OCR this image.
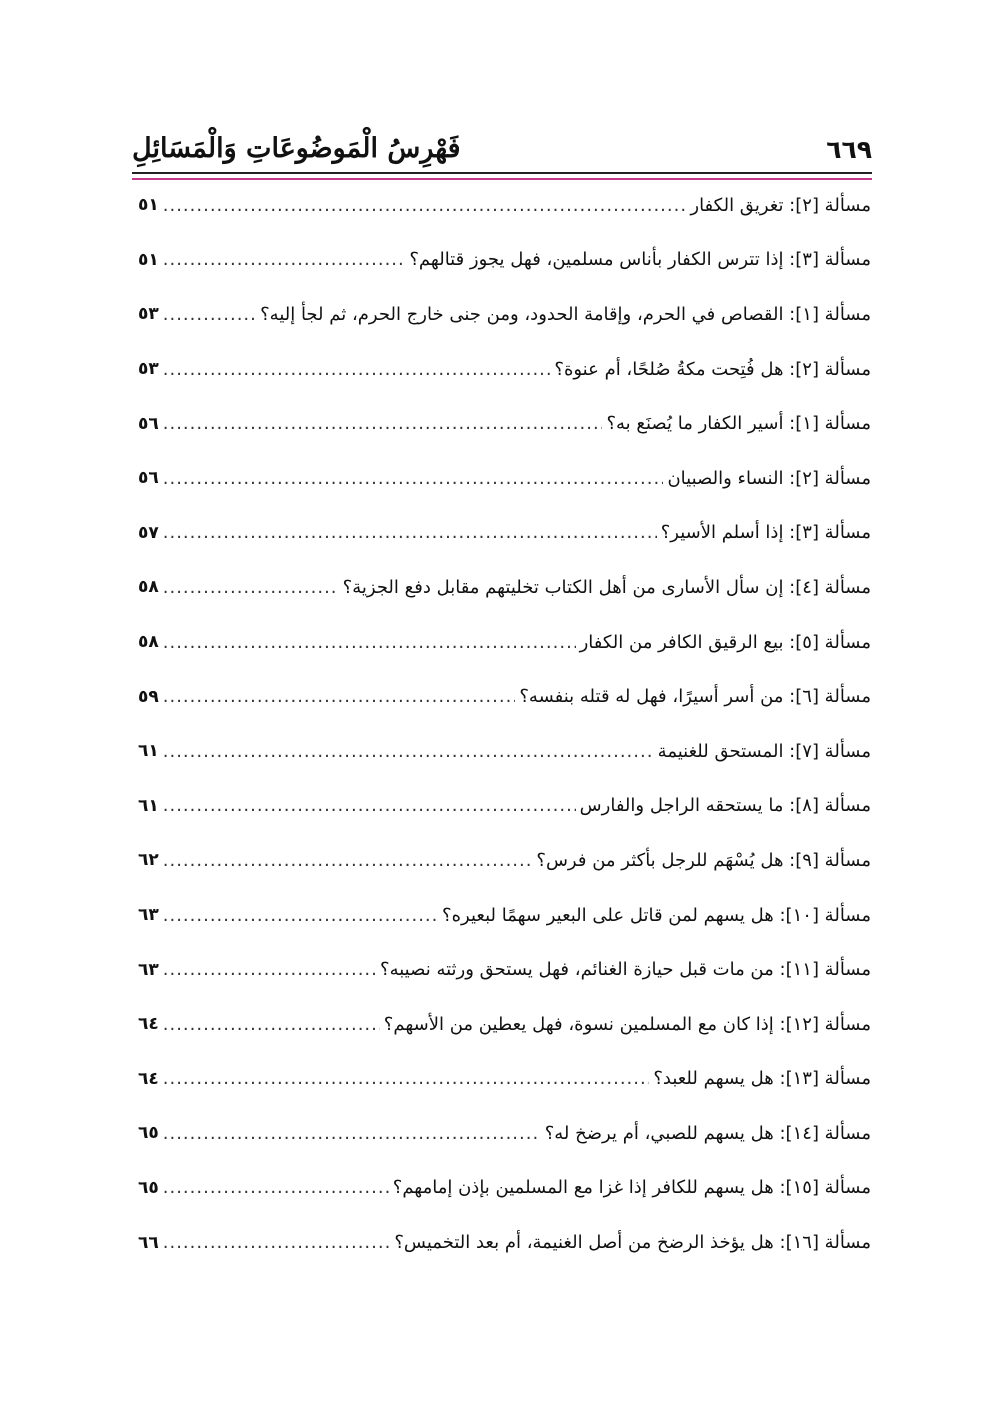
فَهْرِسُ الْمَوضُوعَاتِ وَالْمَسَائِلِ	٦٦٩
مسألة [٢]: تغريق الكفار
.....
٥١
مسألة [٣]: إذا تترس الكفار بأناس مسلمين، فهل يجوز قتالهم؟
.....
٥١
مسألة [١]: القصاص في الحرم، وإقامة الحدود، ومن جنى خارج الحرم، ثم لجأ إليه؟
.....
٥٣
مسألة [٢]: هل فُتِحت مكةُ صُلحًا، أم عنوة؟
.....
٥٣
مسألة [١]: أسير الكفار ما يُصنَع به؟
.....
٥٦
مسألة [٢]: النساء والصبيان
.....
٥٦
مسألة [٣]: إذا أسلم الأسير؟
.....
٥٧
مسألة [٤]: إن سأل الأسارى من أهل الكتاب تخليتهم مقابل دفع الجزية؟
.....
٥٨
مسألة [٥]: بيع الرقيق الكافر من الكفار
.....
٥٨
مسألة [٦]: من أسر أسيرًا، فهل له قتله بنفسه؟
.....
٥٩
مسألة [٧]: المستحق للغنيمة
.....
٦١
مسألة [٨]: ما يستحقه الراجل والفارس
.....
٦١
مسألة [٩]: هل يُسْهَم للرجل بأكثر من فرس؟
.....
٦٢
مسألة [١٠]: هل يسهم لمن قاتل على البعير سهمًا لبعيره؟
.....
٦٣
مسألة [١١]: من مات قبل حيازة الغنائم، فهل يستحق ورثته نصيبه؟
.....
٦٣
مسألة [١٢]: إذا كان مع المسلمين نسوة، فهل يعطين من الأسهم؟
.....
٦٤
مسألة [١٣]: هل يسهم للعبد؟
.....
٦٤
مسألة [١٤]: هل يسهم للصبي، أم يرضخ له؟
.....
٦٥
مسألة [١٥]: هل يسهم للكافر إذا غزا مع المسلمين بإذن إمامهم؟
.....
٦٥
مسألة [١٦]: هل يؤخذ الرضخ من أصل الغنيمة، أم بعد التخميس؟
.....
٦٦
